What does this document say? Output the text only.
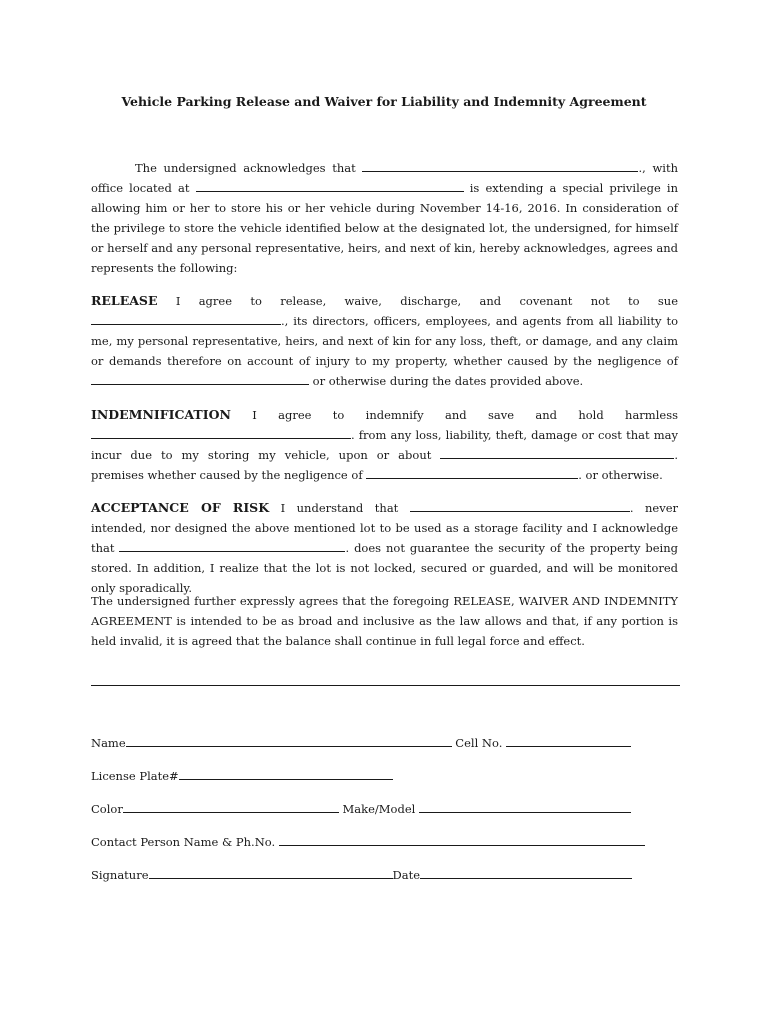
Vehicle Parking Release and Waiver for Liability and Indemnity Agreement

The undersigned acknowledges that	., with office located at	is extending a special privilege in allowing him or her to store his or her vehicle during November 14-16, 2016. In consideration of the privilege to store the vehicle identified below at the designated lot, the undersigned, for himself or herself and any personal representative, heirs, and next of kin, hereby acknowledges, agrees and represents the following:

RELEASE I agree to release, waive, discharge, and covenant not to sue ., its directors, officers, employees, and agents from all liability to me, my personal representative, heirs, and next of kin for any loss, theft, or damage, and any claim or demands therefore on account of injury to my property, whether caused by the negligence of  or otherwise during the dates provided above.

INDEMNIFICATION I agree to indemnify and save and hold harmless . from any loss, liability, theft, damage or cost that may incur due to my storing my vehicle, upon or about	. premises whether caused by the negligence of	. or otherwise.

ACCEPTANCE OF RISK I understand that	. never intended, nor designed the above mentioned lot to be used as a storage facility and I acknowledge that	. does not guarantee the security of the property being stored. In addition, I realize that the lot is not locked, secured or guarded, and will be monitored only sporadically.

The undersigned further expressly agrees that the foregoing RELEASE, WAIVER AND INDEMNITY AGREEMENT is intended to be as broad and inclusive as the law allows and that, if any portion is held invalid, it is agreed that the balance shall continue in full legal force and effect.

Name	Cell No.
License Plate#
Color	Make/Model
Contact Person Name & Ph.No.
Signature	Date
